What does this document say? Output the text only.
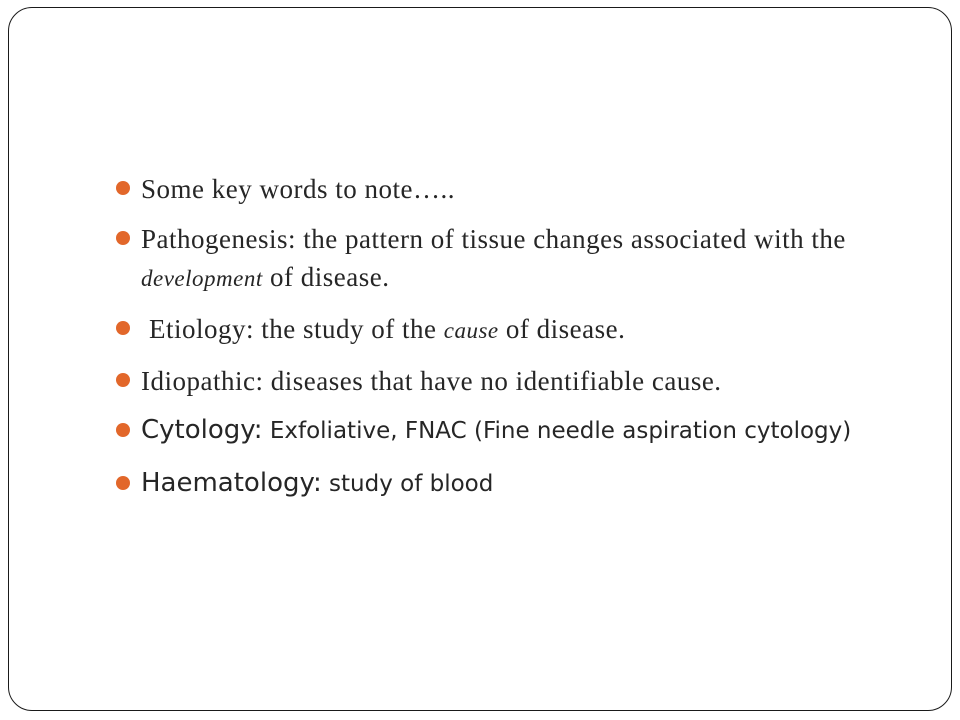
Some key words to note…..
Pathogenesis: the pattern of tissue changes associated with the development of disease.
Etiology: the study of the cause of disease.
Idiopathic: diseases that have no identifiable cause.
Cytology: Exfoliative, FNAC (Fine needle aspiration cytology)
Haematology: study of blood
